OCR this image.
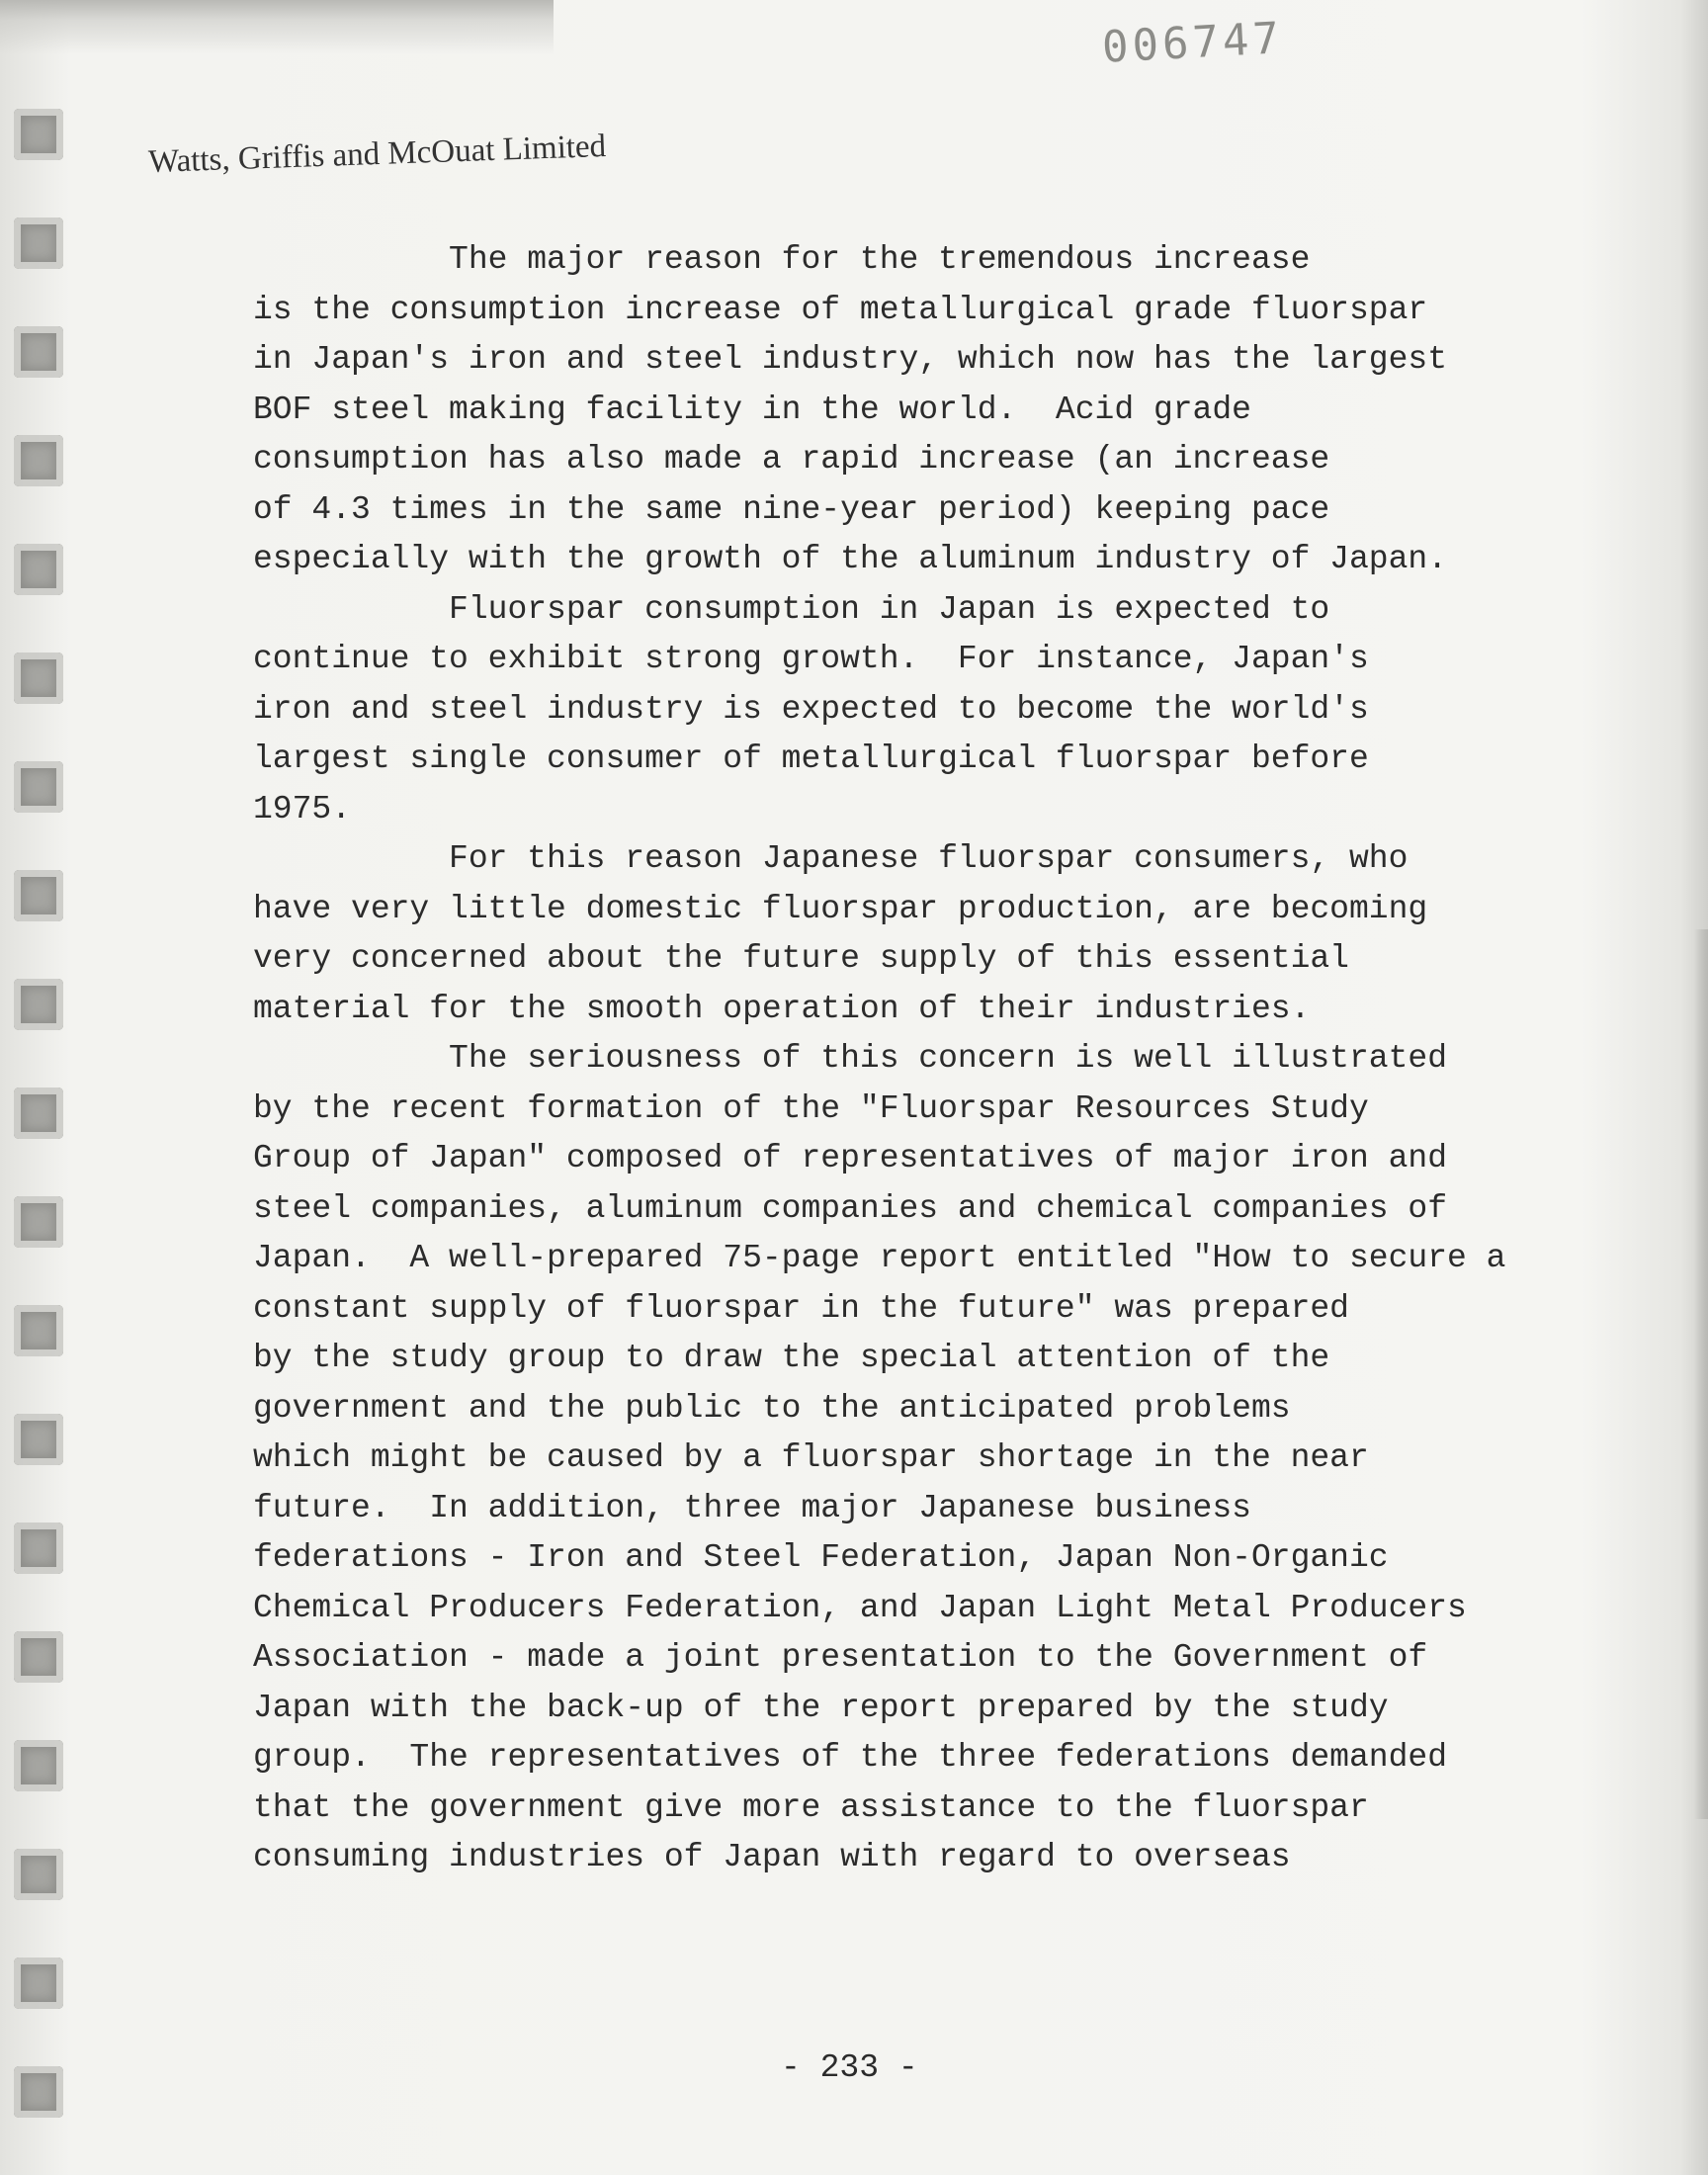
006747
Watts, Griffis and McOuat Limited
The major reason for the tremendous increase
is the consumption increase of metallurgical grade fluorspar
in Japan's iron and steel industry, which now has the largest
BOF steel making facility in the world.  Acid grade
consumption has also made a rapid increase (an increase
of 4.3 times in the same nine-year period) keeping pace
especially with the growth of the aluminum industry of Japan.
Fluorspar consumption in Japan is expected to
continue to exhibit strong growth.  For instance, Japan's
iron and steel industry is expected to become the world's
largest single consumer of metallurgical fluorspar before
1975.
For this reason Japanese fluorspar consumers, who
have very little domestic fluorspar production, are becoming
very concerned about the future supply of this essential
material for the smooth operation of their industries.
The seriousness of this concern is well illustrated
by the recent formation of the "Fluorspar Resources Study
Group of Japan" composed of representatives of major iron and
steel companies, aluminum companies and chemical companies of
Japan.  A well-prepared 75-page report entitled "How to secure a
constant supply of fluorspar in the future" was prepared
by the study group to draw the special attention of the
government and the public to the anticipated problems
which might be caused by a fluorspar shortage in the near
future.  In addition, three major Japanese business
federations - Iron and Steel Federation, Japan Non-Organic
Chemical Producers Federation, and Japan Light Metal Producers
Association - made a joint presentation to the Government of
Japan with the back-up of the report prepared by the study
group.  The representatives of the three federations demanded
that the government give more assistance to the fluorspar
consuming industries of Japan with regard to overseas
- 233 -
